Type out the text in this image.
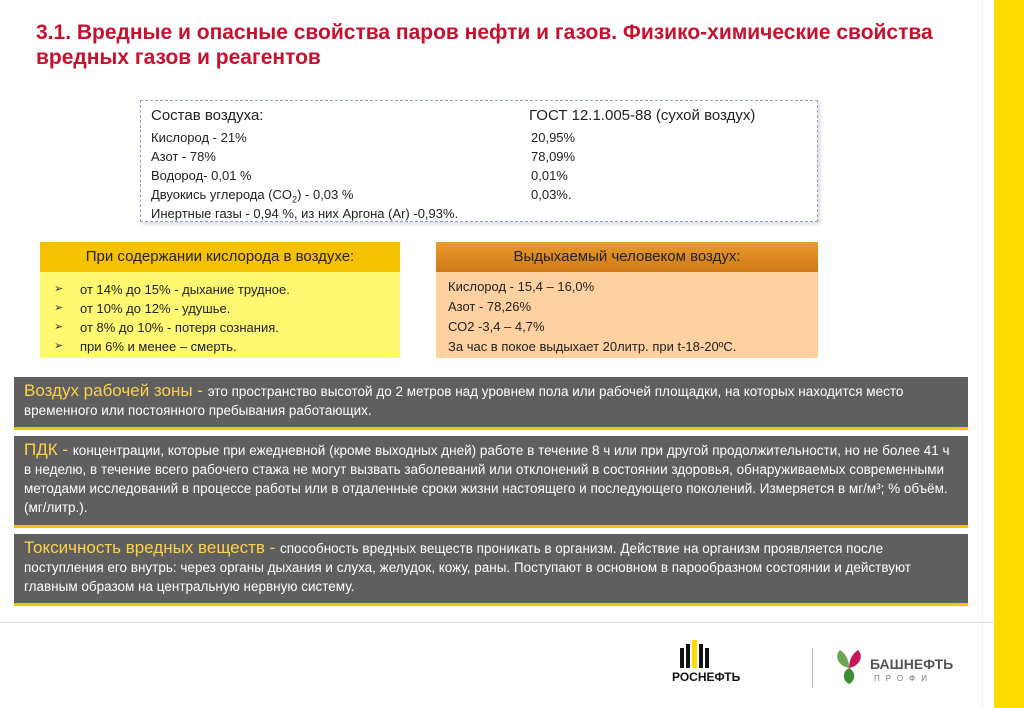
3.1. Вредные и опасные свойства паров нефти и газов. Физико-химические свойства вредных газов и реагентов
Состав воздуха:	ГОСТ 12.1.005-88 (сухой воздух)
Кислород - 21%	20,95%
Азот - 78%	78,09%
Водород- 0,01 %	0,01%
Двуокись углерода $(CO_2) - 0,03$ %	0,03%.
Инертные газы - 0,94 %, из них Аргона (Ar) -0,93%.
При содержании кислорода в воздухе:
➢ от 14% до 15% - дыхание трудное.
➢ от 10% до 12% - удушье.
➢ от 8% до 10% - потеря сознания.
➢ при 6% и менее – смерть.
Выдыхаемый человеком воздух:
Кислород - 15,4 – 16,0%
Азот - 78,26%
СО2 -3,4 – 4,7%
За час в покое выдыхает 20литр. при t-18-20ºC.
Воздух рабочей зоны - это пространство высотой до 2 метров над уровнем пола или рабочей площадки, на которых находится место временного или постоянного пребывания работающих.
ПДК - концентрации, которые при ежедневной (кроме выходных дней) работе в течение 8 ч или при другой продолжительности, но не более 41 ч в неделю, в течение всего рабочего стажа не могут вызвать заболеваний или отклонений в состоянии здоровья, обнаруживаемых современными методами исследований в процессе работы или в отдаленные сроки жизни настоящего и последующего поколений. Измеряется в мг/м³; % объём. (мг/литр.).
Токсичность вредных веществ - способность вредных веществ проникать в организм. Действие на организм проявляется после поступления его внутрь: через органы дыхания и слуха, желудок, кожу, раны. Поступают в основном в парообразном состоянии и действуют главным образом на центральную нервную систему.
РОСНЕФТЬ
БАШНЕФТЬ
ПРОФИ
